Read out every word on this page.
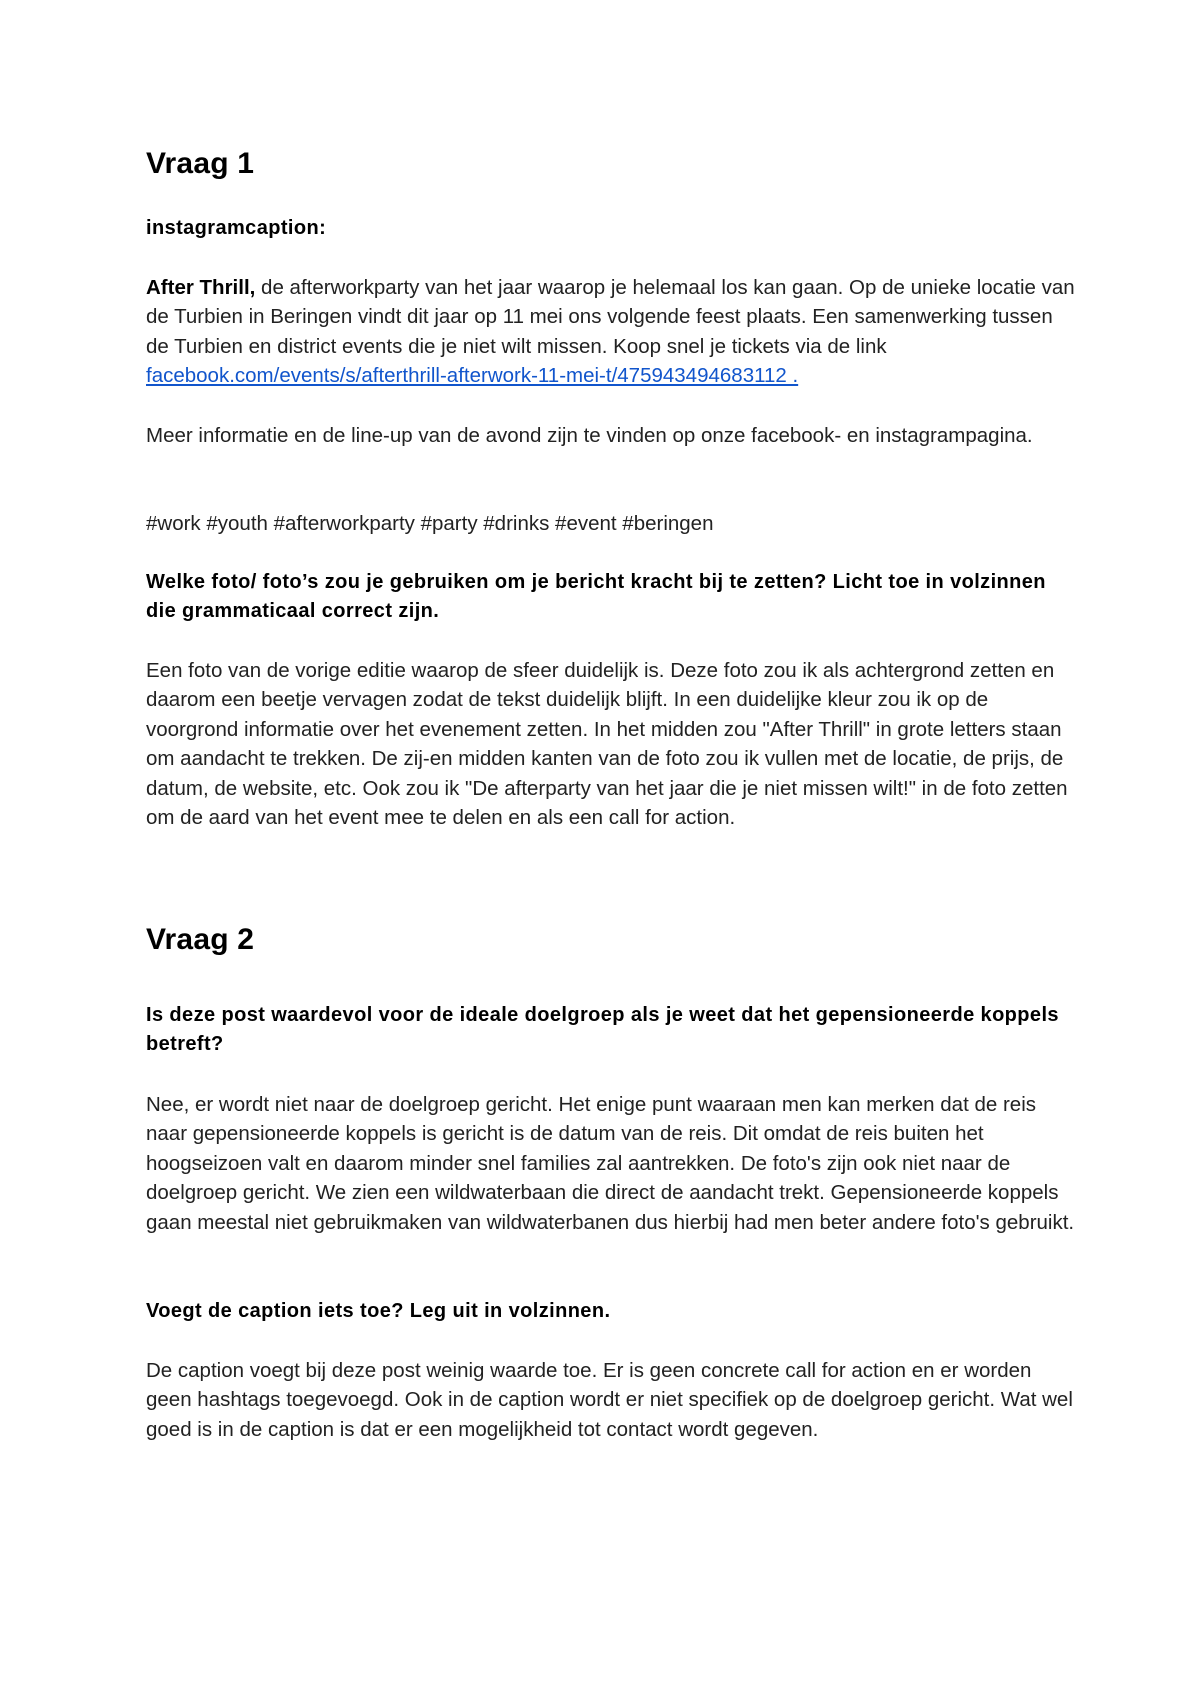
Vraag 1

instagramcaption:

After Thrill, de afterworkparty van het jaar waarop je helemaal los kan gaan. Op de unieke locatie van de Turbien in Beringen vindt dit jaar op 11 mei ons volgende feest plaats. Een samenwerking tussen de Turbien en district events die je niet wilt missen. Koop snel je tickets via de link facebook.com/events/s/afterthrill-afterwork-11-mei-t/475943494683112 .

Meer informatie en de line-up van de avond zijn te vinden op onze facebook- en instagrampagina.

#work #youth #afterworkparty #party #drinks #event #beringen

Welke foto/ foto’s zou je gebruiken om je bericht kracht bij te zetten? Licht toe in volzinnen die grammaticaal correct zijn.

Een foto van de vorige editie waarop de sfeer duidelijk is. Deze foto zou ik als achtergrond zetten en daarom een beetje vervagen zodat de tekst duidelijk blijft. In een duidelijke kleur zou ik op de voorgrond informatie over het evenement zetten. In het midden zou "After Thrill" in grote letters staan om aandacht te trekken. De zij-en midden kanten van de foto zou ik vullen met de locatie, de prijs, de datum, de website, etc. Ook zou ik "De afterparty van het jaar die je niet missen wilt!" in de foto zetten om de aard van het event mee te delen en als een call for action.

Vraag 2

Is deze post waardevol voor de ideale doelgroep als je weet dat het gepensioneerde koppels betreft?

Nee, er wordt niet naar de doelgroep gericht. Het enige punt waaraan men kan merken dat de reis naar gepensioneerde koppels is gericht is de datum van de reis. Dit omdat de reis buiten het hoogseizoen valt en daarom minder snel families zal aantrekken. De foto's zijn ook niet naar de doelgroep gericht. We zien een wildwaterbaan die direct de aandacht trekt. Gepensioneerde koppels gaan meestal niet gebruikmaken van wildwaterbanen dus hierbij had men beter andere foto's gebruikt.

Voegt de caption iets toe? Leg uit in volzinnen.

De caption voegt bij deze post weinig waarde toe. Er is geen concrete call for action en er worden geen hashtags toegevoegd. Ook in de caption wordt er niet specifiek op de doelgroep gericht. Wat wel goed is in de caption is dat er een mogelijkheid tot contact wordt gegeven.
